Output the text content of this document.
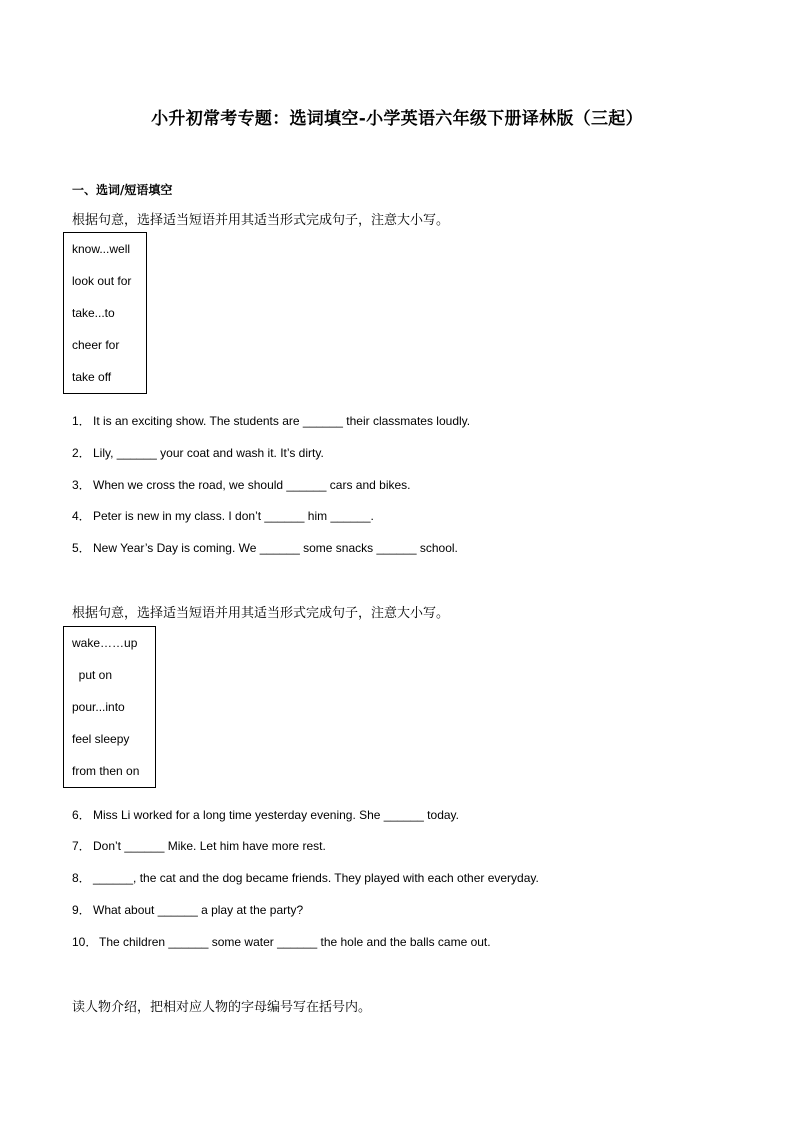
小升初常考专题：选词填空-小学英语六年级下册译林版（三起）
一、选词/短语填空
根据句意，选择适当短语并用其适当形式完成句子，注意大小写。
know...well
look out for
take...to
cheer for
take off
1． It is an exciting show. The students are ______ their classmates loudly.
2． Lily, ______ your coat and wash it. It’s dirty.
3． When we cross the road, we should ______ cars and bikes.
4． Peter is new in my class. I don’t ______ him ______.
5． New Year’s Day is coming. We ______ some snacks ______ school.
根据句意，选择适当短语并用其适当形式完成句子，注意大小写。
wake……up
put on
pour...into
feel sleepy
from then on
6． Miss Li worked for a long time yesterday evening. She ______ today.
7． Don’t ______ Mike. Let him have more rest.
8． ______, the cat and the dog became friends. They played with each other everyday.
9． What about ______ a play at the party?
10． The children ______ some water ______ the hole and the balls came out.
读人物介绍，把相对应人物的字母编号写在括号内。
